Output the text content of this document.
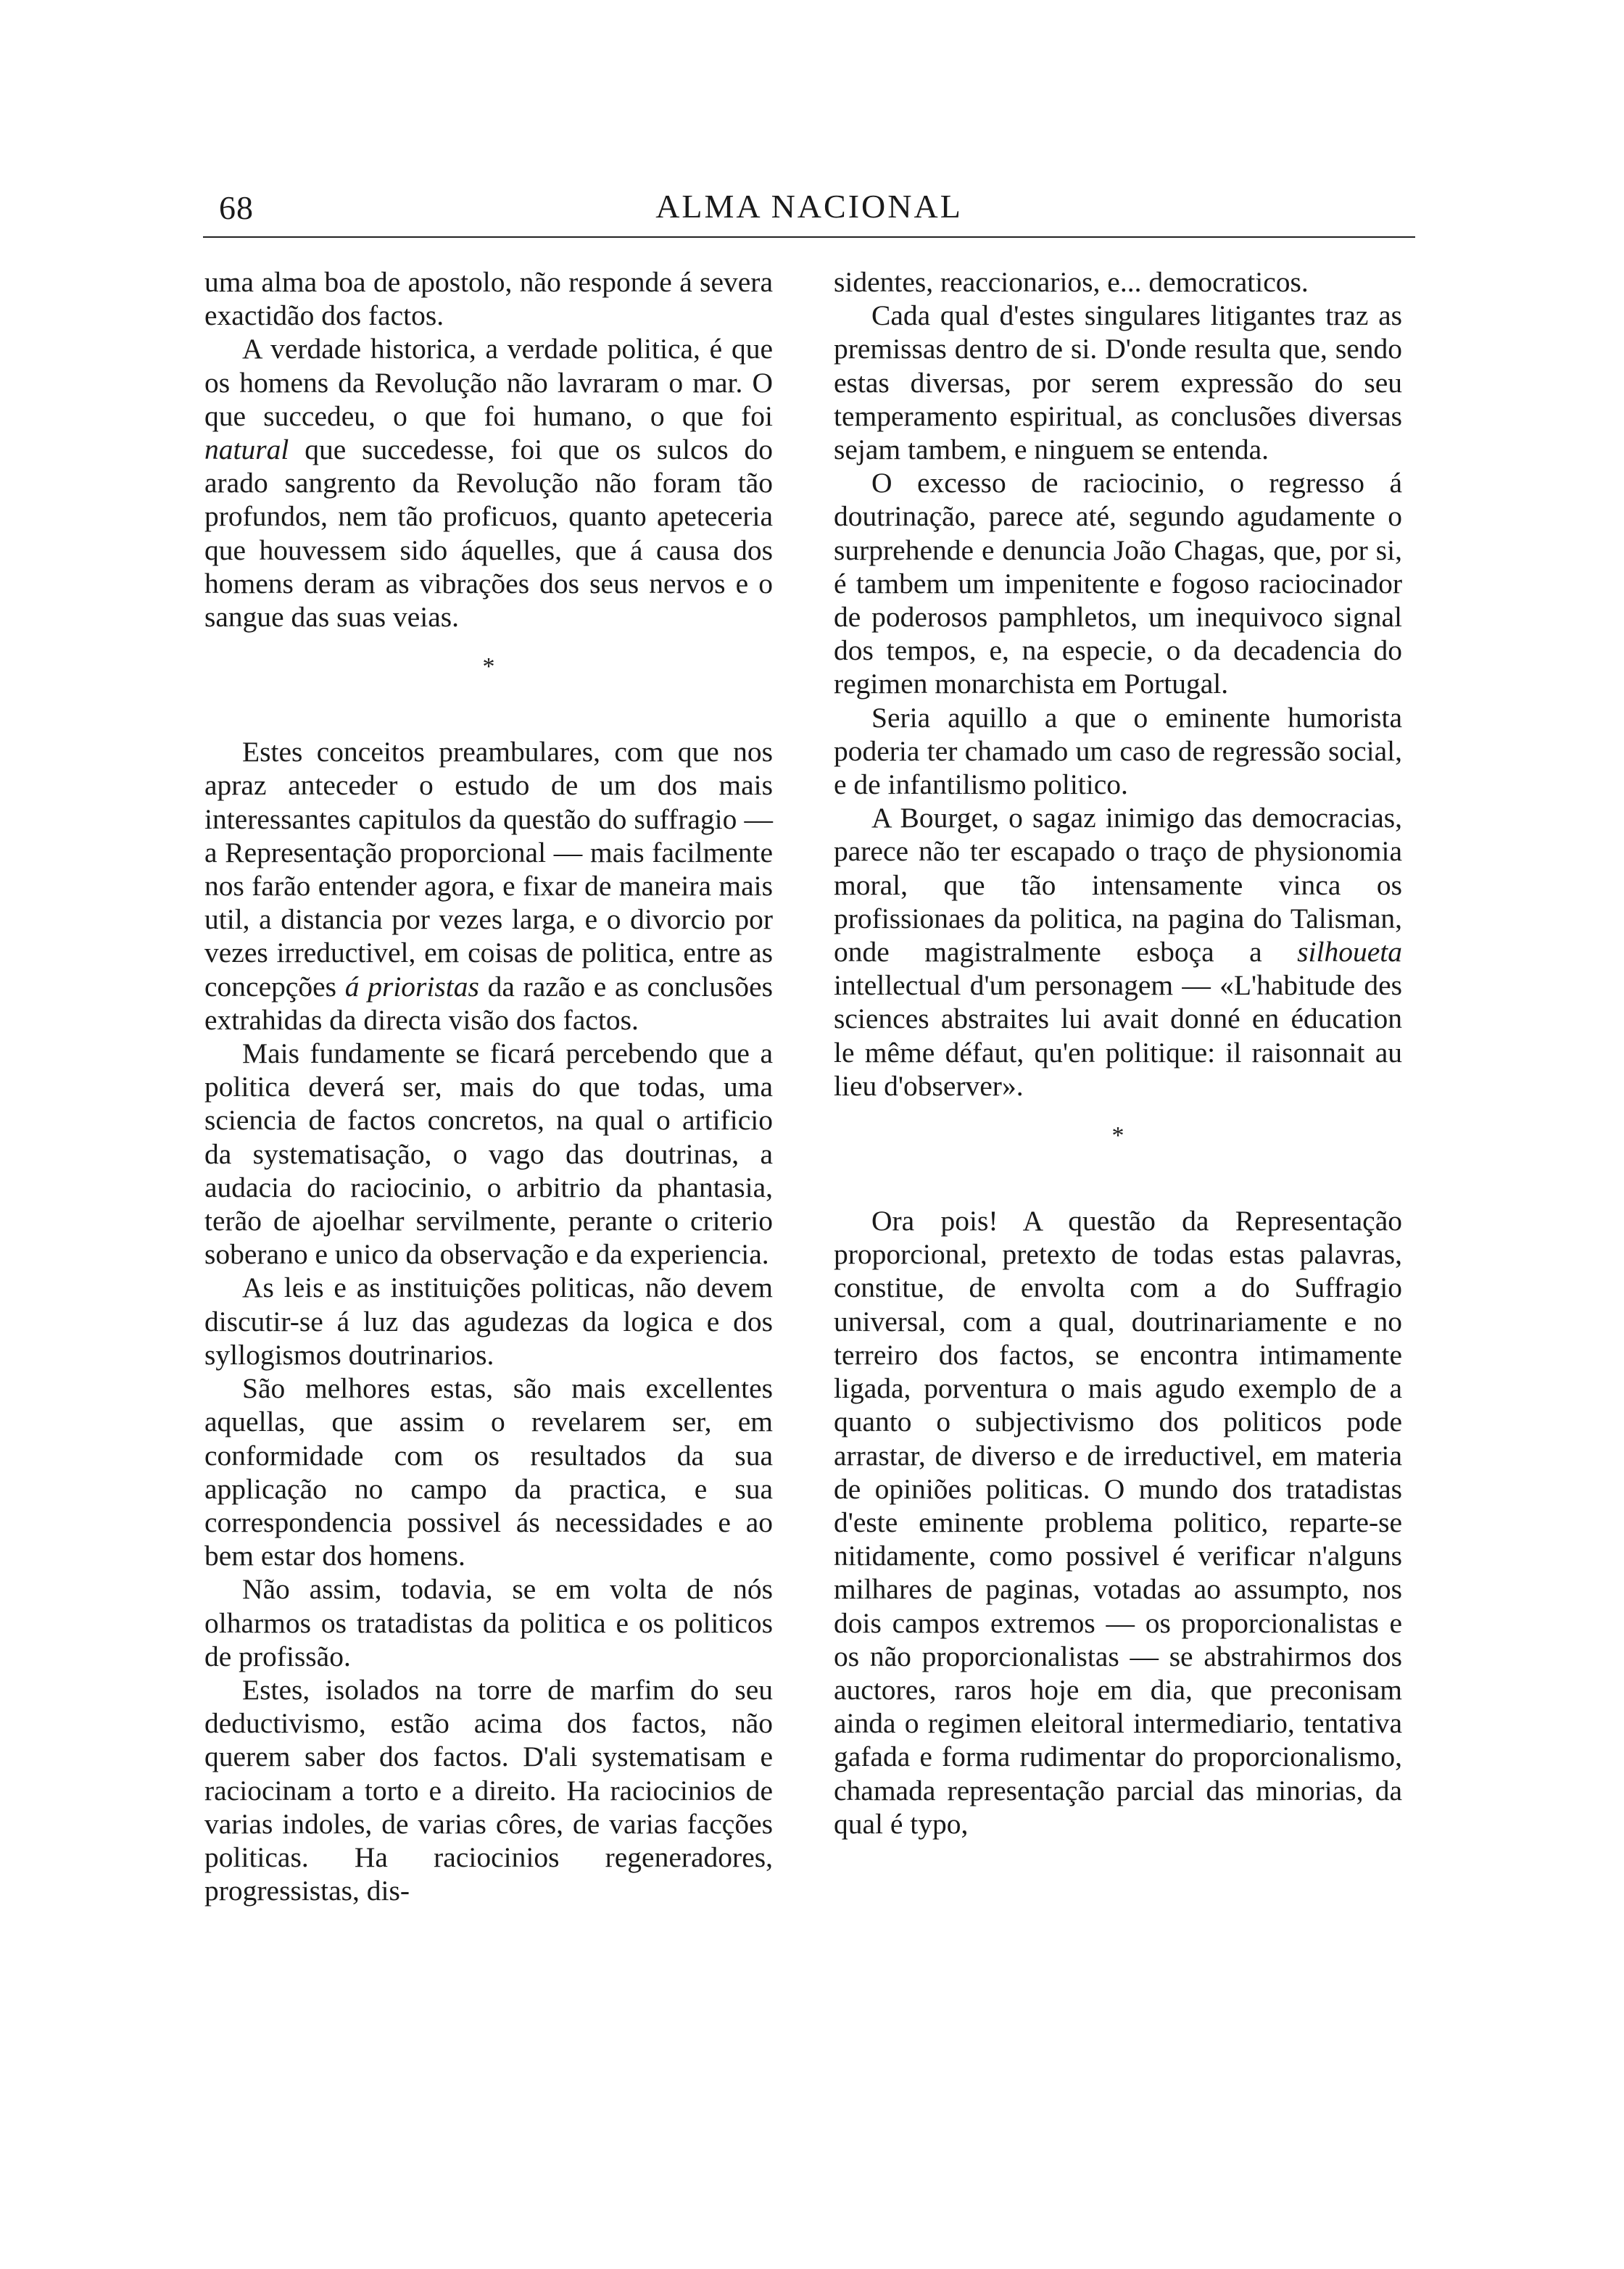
68	ALMA NACIONAL

uma alma boa de apostolo, não responde á severa exactidão dos factos.

A verdade historica, a verdade politica, é que os homens da Revolução não lavraram o mar. O que succedeu, o que foi humano, o que foi natural que succedesse, foi que os sulcos do arado sangrento da Revolução não foram tão profundos, nem tão proficuos, quanto apeteceria que houvessem sido áquelles, que á causa dos homens deram as vibrações dos seus nervos e o sangue das suas veias.

*

Estes conceitos preambulares, com que nos apraz anteceder o estudo de um dos mais interessantes capitulos da questão do suffragio — a Representação proporcional — mais facilmente nos farão entender agora, e fixar de maneira mais util, a distancia por vezes larga, e o divorcio por vezes irreductivel, em coisas de politica, entre as concepções á prioristas da razão e as conclusões extrahidas da directa visão dos factos.

Mais fundamente se ficará percebendo que a politica deverá ser, mais do que todas, uma sciencia de factos concretos, na qual o artificio da systematisação, o vago das doutrinas, a audacia do raciocinio, o arbitrio da phantasia, terão de ajoelhar servilmente, perante o criterio soberano e unico da observação e da experiencia.

As leis e as instituições politicas, não devem discutir-se á luz das agudezas da logica e dos syllogismos doutrinarios.

São melhores estas, são mais excellentes aquellas, que assim o revelarem ser, em conformidade com os resultados da sua applicação no campo da practica, e sua correspondencia possivel ás necessidades e ao bem estar dos homens.

Não assim, todavia, se em volta de nós olharmos os tratadistas da politica e os politicos de profissão.

Estes, isolados na torre de marfim do seu deductivismo, estão acima dos factos, não querem saber dos factos. D'ali systematisam e raciocinam a torto e a direito. Ha raciocinios de varias indoles, de varias côres, de varias facções politicas. Ha raciocinios regeneradores, progressistas, dis-

sidentes, reaccionarios, e... democraticos.

Cada qual d'estes singulares litigantes traz as premissas dentro de si. D'onde resulta que, sendo estas diversas, por serem expressão do seu temperamento espiritual, as conclusões diversas sejam tambem, e ninguem se entenda.

O excesso de raciocinio, o regresso á doutrinação, parece até, segundo agudamente o surprehende e denuncia João Chagas, que, por si, é tambem um impenitente e fogoso raciocinador de poderosos pamphletos, um inequivoco signal dos tempos, e, na especie, o da decadencia do regimen monarchista em Portugal.

Seria aquillo a que o eminente humorista poderia ter chamado um caso de regressão social, e de infantilismo politico.

A Bourget, o sagaz inimigo das democracias, parece não ter escapado o traço de physionomia moral, que tão intensamente vinca os profissionaes da politica, na pagina do Talisman, onde magistralmente esboça a silhoueta intellectual d'um personagem — «L'habitude des sciences abstraites lui avait donné en éducation le même défaut, qu'en politique: il raisonnait au lieu d'observer».

*

Ora pois! A questão da Representação proporcional, pretexto de todas estas palavras, constitue, de envolta com a do Suffragio universal, com a qual, doutrinariamente e no terreiro dos factos, se encontra intimamente ligada, porventura o mais agudo exemplo de a quanto o subjectivismo dos politicos pode arrastar, de diverso e de irreductivel, em materia de opiniões politicas. O mundo dos tratadistas d'este eminente problema politico, reparte-se nitidamente, como possivel é verificar n'alguns milhares de paginas, votadas ao assumpto, nos dois campos extremos — os proporcionalistas e os não proporcionalistas — se abstrahirmos dos auctores, raros hoje em dia, que preconisam ainda o regimen eleitoral intermediario, tentativa gafada e forma rudimentar do proporcionalismo, chamada representação parcial das minorias, da qual é typo,
